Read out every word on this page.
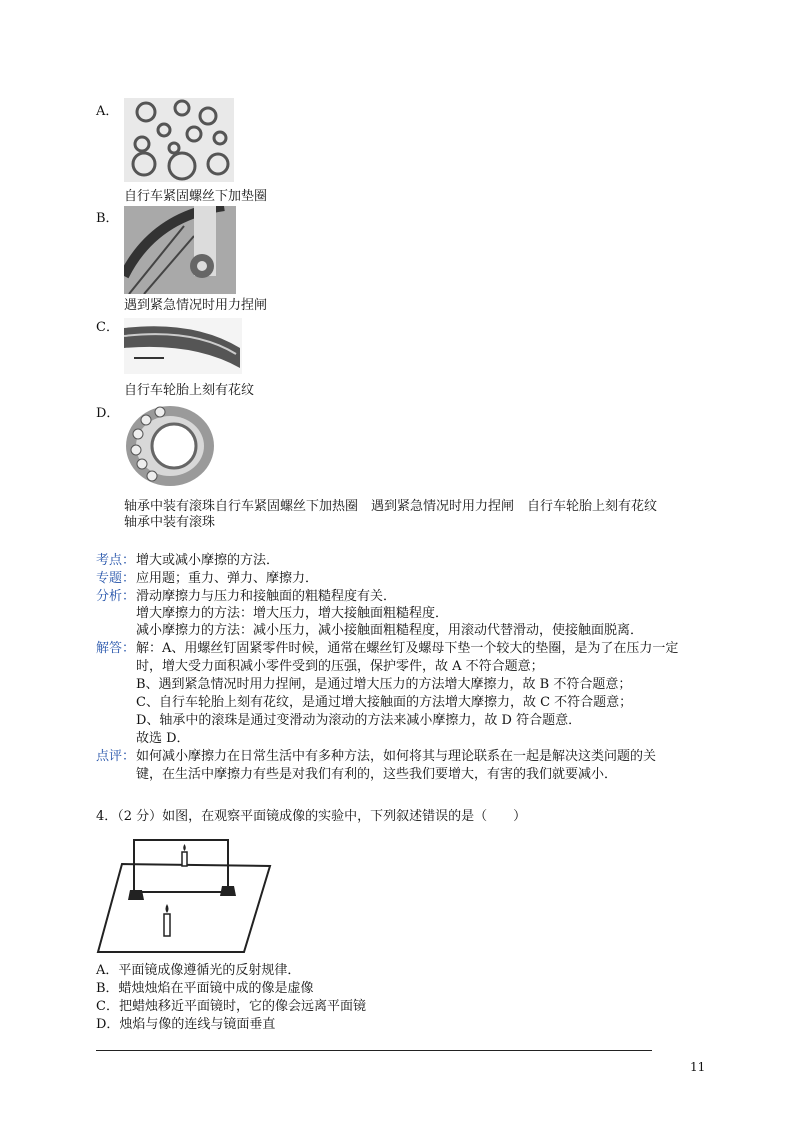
A．
自行车紧固螺丝下加垫圈
B．
遇到紧急情况时用力捏闸
C．
自行车轮胎上刻有花纹
D．
轴承中装有滚珠自行车紧固螺丝下加热圈　遇到紧急情况时用力捏闸　自行车轮胎上刻有花纹
轴承中装有滚珠
考点： 增大或减小摩擦的方法．
专题： 应用题；重力、弹力、摩擦力．
分析： 滑动摩擦力与压力和接触面的粗糙程度有关．
增大摩擦力的方法：增大压力，增大接触面粗糙程度．
减小摩擦力的方法：减小压力，减小接触面粗糙程度，用滚动代替滑动，使接触面脱离．
解答： 解：A、用螺丝钉固紧零件时候，通常在螺丝钉及螺母下垫一个较大的垫圈，是为了在压力一定
时，增大受力面积减小零件受到的压强，保护零件，故 A 不符合题意；
B、遇到紧急情况时用力捏闸，是通过增大压力的方法增大摩擦力，故 B 不符合题意；
C、自行车轮胎上刻有花纹，是通过增大接触面的方法增大摩擦力，故 C 不符合题意；
D、轴承中的滚珠是通过变滑动为滚动的方法来减小摩擦力，故 D 符合题意．
故选 D．
点评： 如何减小摩擦力在日常生活中有多种方法，如何将其与理论联系在一起是解决这类问题的关
键，在生活中摩擦力有些是对我们有利的，这些我们要增大，有害的我们就要减小．
4．（2 分）如图，在观察平面镜成像的实验中，下列叙述错误的是（　　）
A．平面镜成像遵循光的反射规律．
B．蜡烛烛焰在平面镜中成的像是虚像
C．把蜡烛移近平面镜时，它的像会远离平面镜
D．烛焰与像的连线与镜面垂直
11
